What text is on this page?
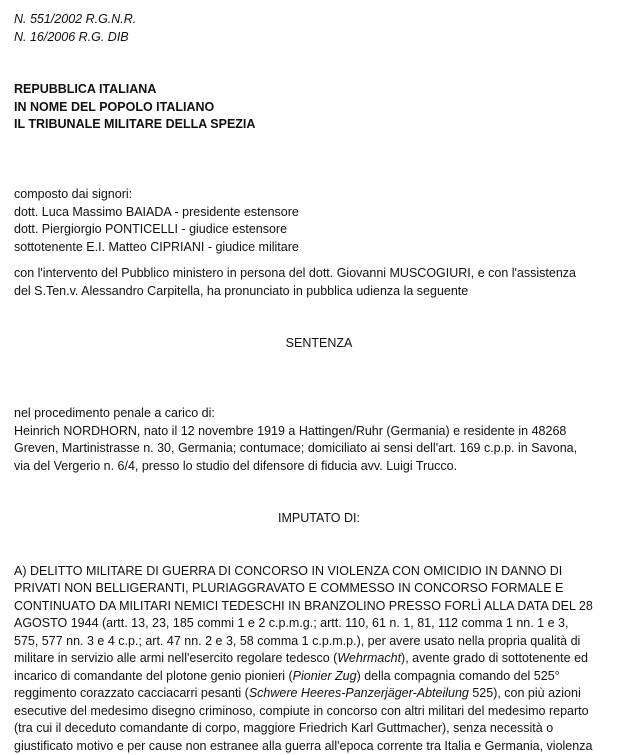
N. 551/2002 R.G.N.R.
N. 16/2006 R.G. DIB
REPUBBLICA ITALIANA
IN NOME DEL POPOLO ITALIANO
IL TRIBUNALE MILITARE DELLA SPEZIA
composto dai signori:
dott. Luca Massimo BAIADA - presidente estensore
dott. Piergiorgio PONTICELLI - giudice estensore
sottotenente E.I. Matteo CIPRIANI - giudice militare
con l'intervento del Pubblico ministero in persona del dott. Giovanni MUSCOGIURI, e con l'assistenza
del S.Ten.v. Alessandro Carpitella, ha pronunciato in pubblica udienza la seguente
SENTENZA
nel procedimento penale a carico di:
Heinrich NORDHORN, nato il 12 novembre 1919 a Hattingen/Ruhr (Germania) e residente in 48268
Greven, Martinistrasse n. 30, Germania; contumace; domiciliato ai sensi dell'art. 169 c.p.p. in Savona,
via del Vergerio n. 6/4, presso lo studio del difensore di fiducia avv. Luigi Trucco.
IMPUTATO DI:
A) DELITTO MILITARE DI GUERRA DI CONCORSO IN VIOLENZA CON OMICIDIO IN DANNO DI
PRIVATI NON BELLIGERANTI, PLURIAGGRAVATO E COMMESSO IN CONCORSO FORMALE E
CONTINUATO DA MILITARI NEMICI TEDESCHI IN BRANZOLINO PRESSO FORLÌ ALLA DATA DEL 28
AGOSTO 1944 (artt. 13, 23, 185 commi 1 e 2 c.p.m.g.; artt. 110, 61 n. 1, 81, 112 comma 1 nn. 1 e 3,
575, 577 nn. 3 e 4 c.p.; art. 47 nn. 2 e 3, 58 comma 1 c.p.m.p.), per avere usato nella propria qualità di
militare in servizio alle armi nell'esercito regolare tedesco (Wehrmacht), avente grado di sottotenente ed
incarico di comandante del plotone genio pionieri (Pionier Zug) della compagnia comando del 525°
reggimento corazzato cacciacarri pesanti (Schwere Heeres-Panzerjäger-Abteilung 525), con più azioni
esecutive del medesimo disegno criminoso, compiute in concorso con altri militari del medesimo reparto
(tra cui il deceduto comandante di corpo, maggiore Friedrich Karl Guttmacher), senza necessità o
giustificato motivo e per cause non estranee alla guerra all'epoca corrente tra Italia e Germania, violenza
